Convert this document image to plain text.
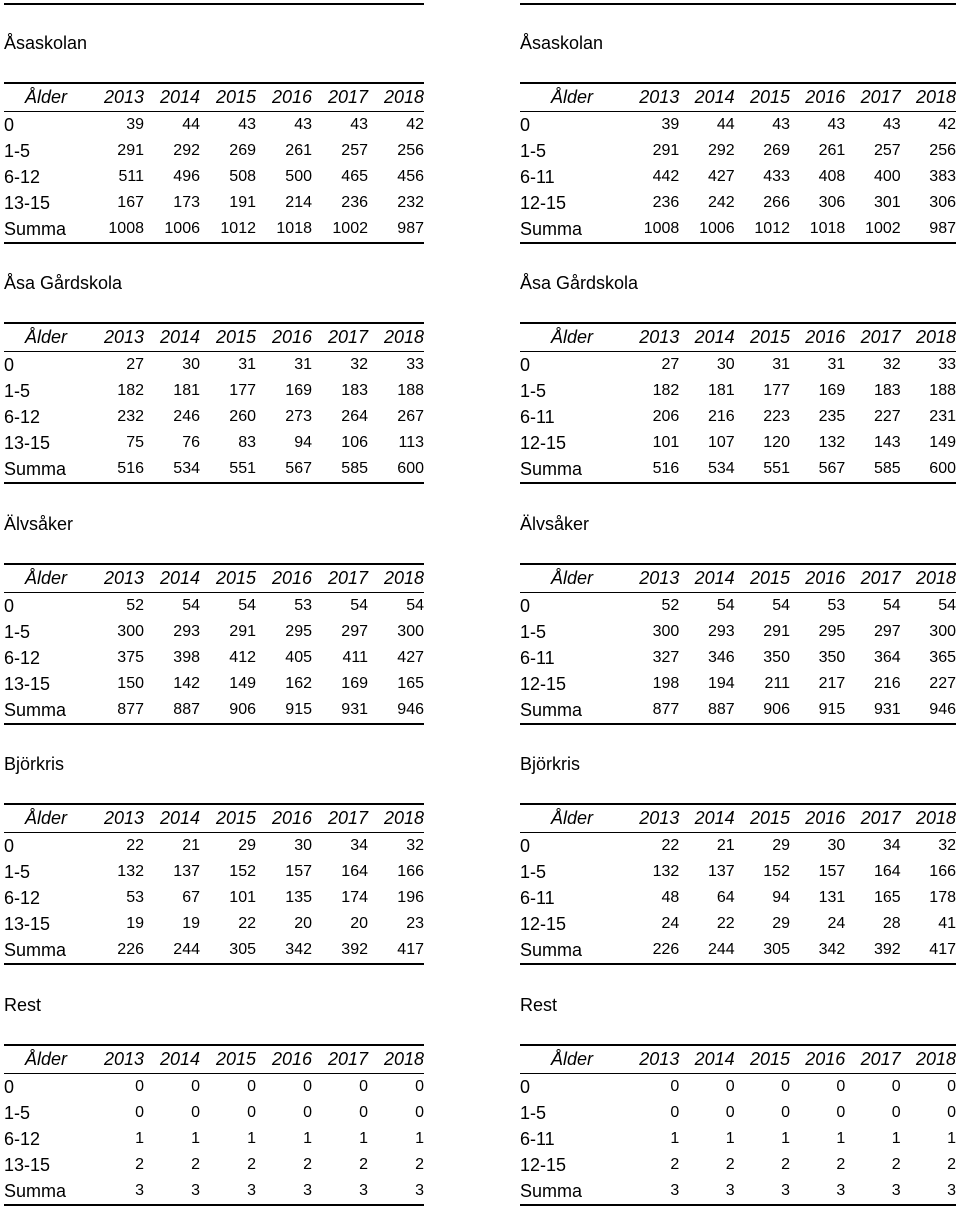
Åsaskolan
Ålder	2013	2014	2015	2016	2017	2018
0	39	44	43	43	43	42
1-5	291	292	269	261	257	256
6-12	511	496	508	500	465	456
13-15	167	173	191	214	236	232
Summa	1008	1006	1012	1018	1002	987
Åsa Gårdskola
Ålder	2013	2014	2015	2016	2017	2018
0	27	30	31	31	32	33
1-5	182	181	177	169	183	188
6-12	232	246	260	273	264	267
13-15	75	76	83	94	106	113
Summa	516	534	551	567	585	600
Älvsåker
Ålder	2013	2014	2015	2016	2017	2018
0	52	54	54	53	54	54
1-5	300	293	291	295	297	300
6-12	375	398	412	405	411	427
13-15	150	142	149	162	169	165
Summa	877	887	906	915	931	946
Björkris
Ålder	2013	2014	2015	2016	2017	2018
0	22	21	29	30	34	32
1-5	132	137	152	157	164	166
6-12	53	67	101	135	174	196
13-15	19	19	22	20	20	23
Summa	226	244	305	342	392	417
Rest
Ålder	2013	2014	2015	2016	2017	2018
0	0	0	0	0	0	0
1-5	0	0	0	0	0	0
6-12	1	1	1	1	1	1
13-15	2	2	2	2	2	2
Summa	3	3	3	3	3	3
Åsaskolan
Ålder	2013	2014	2015	2016	2017	2018
0	39	44	43	43	43	42
1-5	291	292	269	261	257	256
6-11	442	427	433	408	400	383
12-15	236	242	266	306	301	306
Summa	1008	1006	1012	1018	1002	987
Åsa Gårdskola
Ålder	2013	2014	2015	2016	2017	2018
0	27	30	31	31	32	33
1-5	182	181	177	169	183	188
6-11	206	216	223	235	227	231
12-15	101	107	120	132	143	149
Summa	516	534	551	567	585	600
Älvsåker
Ålder	2013	2014	2015	2016	2017	2018
0	52	54	54	53	54	54
1-5	300	293	291	295	297	300
6-11	327	346	350	350	364	365
12-15	198	194	211	217	216	227
Summa	877	887	906	915	931	946
Björkris
Ålder	2013	2014	2015	2016	2017	2018
0	22	21	29	30	34	32
1-5	132	137	152	157	164	166
6-11	48	64	94	131	165	178
12-15	24	22	29	24	28	41
Summa	226	244	305	342	392	417
Rest
Ålder	2013	2014	2015	2016	2017	2018
0	0	0	0	0	0	0
1-5	0	0	0	0	0	0
6-11	1	1	1	1	1	1
12-15	2	2	2	2	2	2
Summa	3	3	3	3	3	3
